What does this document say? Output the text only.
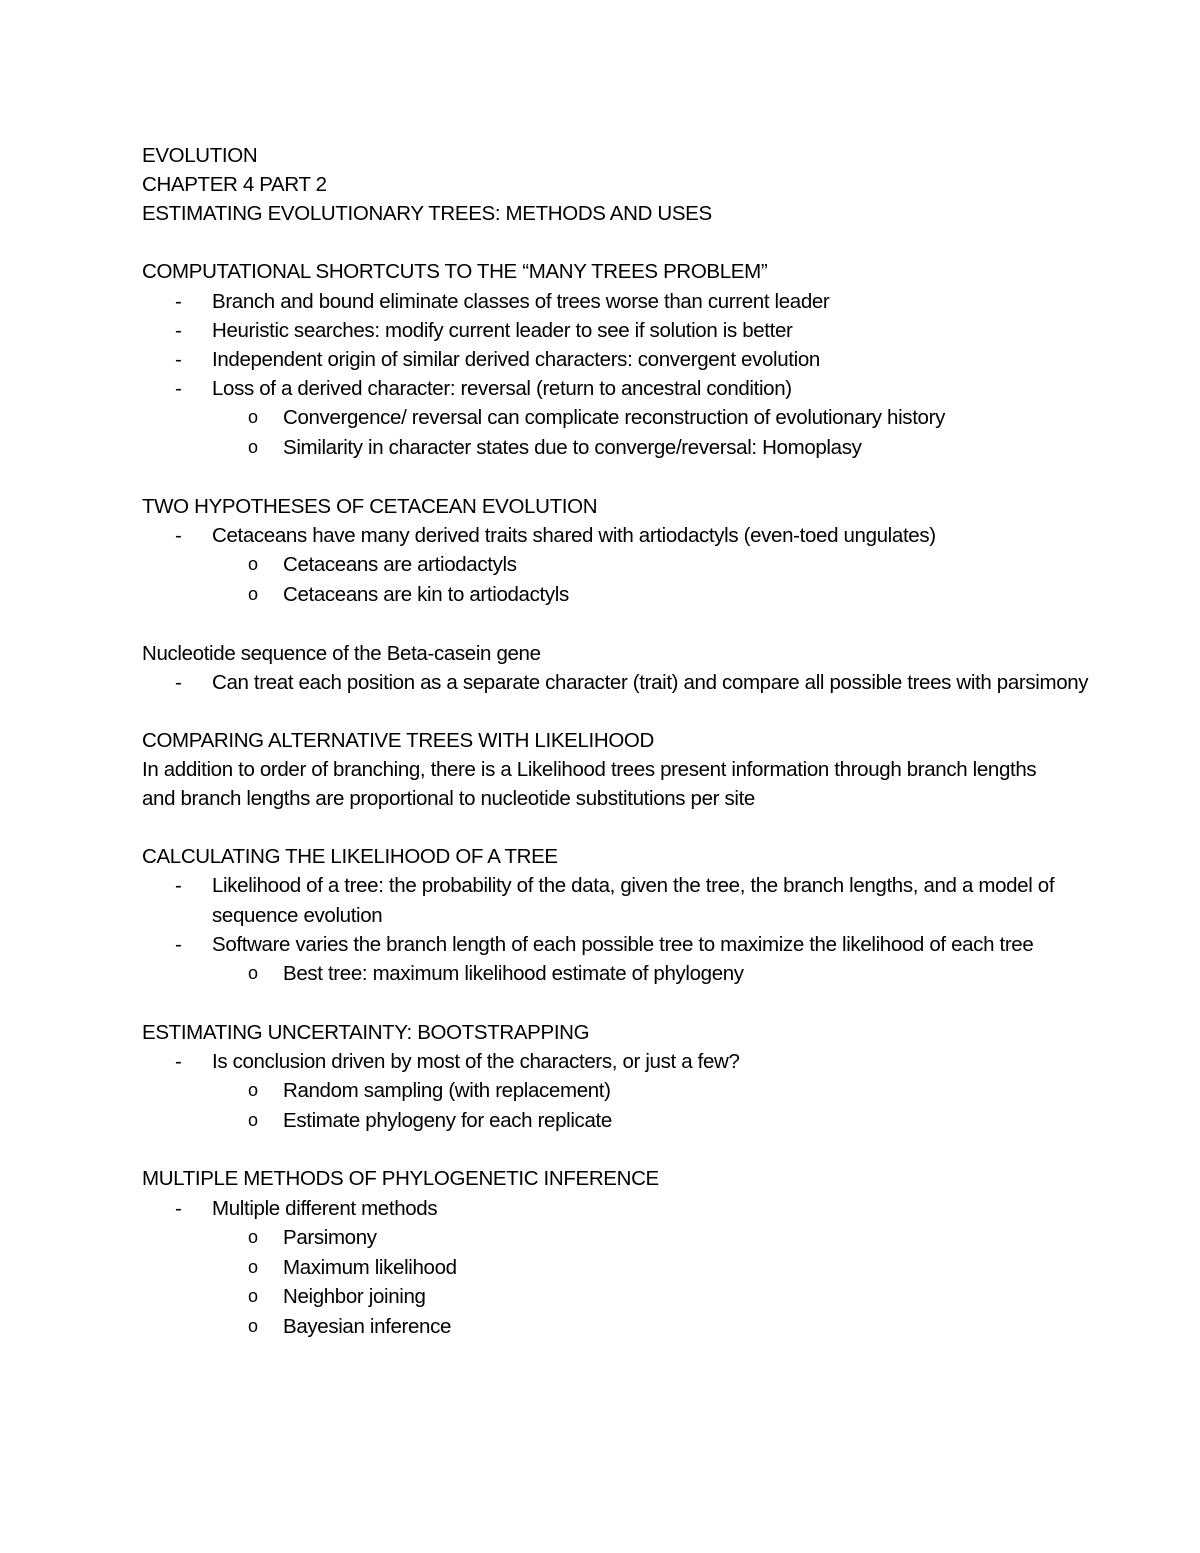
EVOLUTION
CHAPTER 4 PART 2
ESTIMATING EVOLUTIONARY TREES: METHODS AND USES
COMPUTATIONAL SHORTCUTS TO THE “MANY TREES PROBLEM”
- Branch and bound eliminate classes of trees worse than current leader
- Heuristic searches: modify current leader to see if solution is better
- Independent origin of similar derived characters: convergent evolution
- Loss of a derived character: reversal (return to ancestral condition)
o Convergence/ reversal can complicate reconstruction of evolutionary history
o Similarity in character states due to converge/reversal: Homoplasy
TWO HYPOTHESES OF CETACEAN EVOLUTION
- Cetaceans have many derived traits shared with artiodactyls (even-toed ungulates)
o Cetaceans are artiodactyls
o Cetaceans are kin to artiodactyls
Nucleotide sequence of the Beta-casein gene
- Can treat each position as a separate character (trait) and compare all possible trees with parsimony
COMPARING ALTERNATIVE TREES WITH LIKELIHOOD
In addition to order of branching, there is a Likelihood trees present information through branch lengths and branch lengths are proportional to nucleotide substitutions per site
CALCULATING THE LIKELIHOOD OF A TREE
- Likelihood of a tree: the probability of the data, given the tree, the branch lengths, and a model of sequence evolution
- Software varies the branch length of each possible tree to maximize the likelihood of each tree
o Best tree: maximum likelihood estimate of phylogeny
ESTIMATING UNCERTAINTY: BOOTSTRAPPING
- Is conclusion driven by most of the characters, or just a few?
o Random sampling (with replacement)
o Estimate phylogeny for each replicate
MULTIPLE METHODS OF PHYLOGENETIC INFERENCE
- Multiple different methods
o Parsimony
o Maximum likelihood
o Neighbor joining
o Bayesian inference
